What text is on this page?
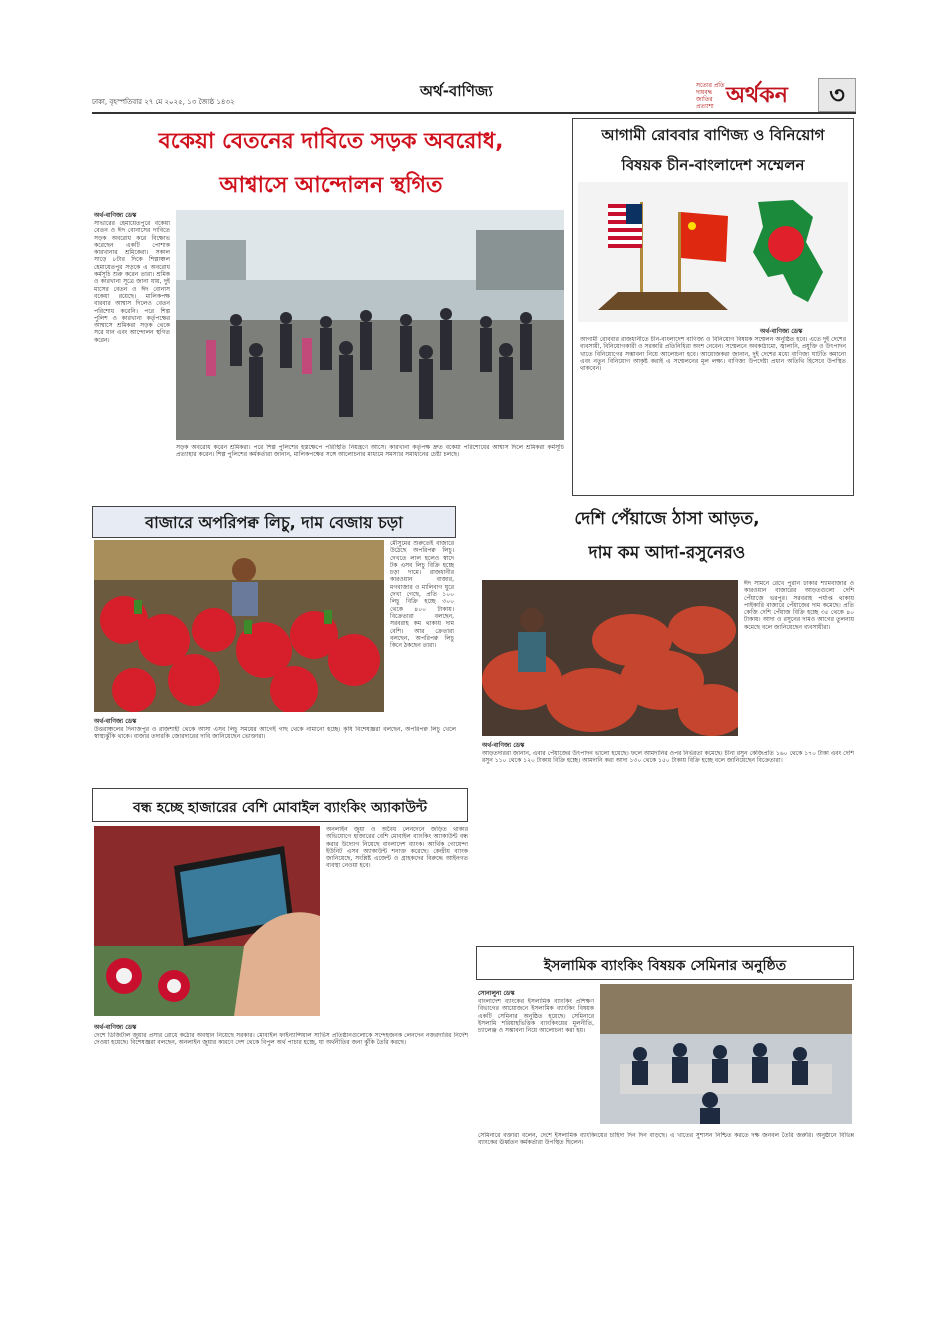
ঢাকা, বৃহস্পতিবার ২৭ মে ২০২৫, ১৩ জ্যৈষ্ঠ ১৪৩২
অর্থ-বাণিজ্য	সত্যের প্রতি দায়বদ্ধ জাতির প্রত্যাশা অর্থকন	৩
বকেয়া বেতনের দাবিতে সড়ক অবরোধ,
আশ্বাসে আন্দোলন স্থগিত
অর্থ-বাণিজ্য ডেস্ক
সাভারের হেমায়েতপুরে বকেয়া বেতন ও ঈদ বোনাসের দাবিতে সড়ক অবরোধ করে বিক্ষোভ করেছেন একটি পোশাক কারখানার শ্রমিকেরা। সকাল সাড়ে ৮টার দিকে শিল্পাঞ্চল হেমায়েতপুর সড়কে এ অবরোধ কর্মসূচি শুরু করেন তারা। শ্রমিক ও কারখানা সূত্রে জানা যায়, দুই মাসের বেতন ও ঈদ বোনাস বকেয়া রয়েছে। মালিকপক্ষ বারবার আশ্বাস দিলেও বেতন পরিশোধ করেনি। পরে শিল্প পুলিশ ও কারখানা কর্তৃপক্ষের আশ্বাসে শ্রমিকরা সড়ক থেকে সরে যান এবং আন্দোলন স্থগিত করেন।
সড়ক অবরোধ করেন শ্রমিকরা। পরে শিল্প পুলিশের হস্তক্ষেপে পরিস্থিতি নিয়ন্ত্রণে আসে। কারখানা কর্তৃপক্ষ দ্রুত বকেয়া পরিশোধের আশ্বাস দিলে শ্রমিকরা কর্মসূচি প্রত্যাহার করেন। শিল্প পুলিশের কর্মকর্তারা জানান, মালিকপক্ষের সঙ্গে আলোচনার মাধ্যমে সমস্যার সমাধানের চেষ্টা চলছে।
আগামী রোববার বাণিজ্য ও বিনিয়োগ
বিষয়ক চীন-বাংলাদেশ সম্মেলন
অর্থ-বাণিজ্য ডেস্ক
আগামী রোববার রাজধানীতে চীন-বাংলাদেশ বাণিজ্য ও বিনিয়োগ বিষয়ক সম্মেলন অনুষ্ঠিত হবে। এতে দুই দেশের ব্যবসায়ী, বিনিয়োগকারী ও সরকারি প্রতিনিধিরা অংশ নেবেন। সম্মেলনে অবকাঠামো, জ্বালানি, প্রযুক্তি ও উৎপাদন খাতে বিনিয়োগের সম্ভাবনা নিয়ে আলোচনা হবে। আয়োজকরা জানান, দুই দেশের মধ্যে বাণিজ্য ঘাটতি কমানো এবং নতুন বিনিয়োগ আকৃষ্ট করাই এ সম্মেলনের মূল লক্ষ্য। বাণিজ্য উপদেষ্টা প্রধান অতিথি হিসেবে উপস্থিত থাকবেন।
বাজারে অপরিপক্ব লিচু, দাম বেজায় চড়া
অর্থ-বাণিজ্য ডেস্ক
মৌসুমের শুরুতেই বাজারে উঠেছে অপরিপক্ব লিচু। দেখতে লাল হলেও স্বাদে টক এসব লিচু বিক্রি হচ্ছে চড়া দামে। রাজধানীর কারওয়ান বাজার, মগবাজার ও মালিবাগ ঘুরে দেখা গেছে, প্রতি ১০০ লিচু বিক্রি হচ্ছে ৩০০ থেকে ৪০০ টাকায়। বিক্রেতারা বলছেন, সরবরাহ কম থাকায় দাম বেশি। আর ক্রেতারা বলছেন, অপরিপক্ব লিচু কিনে ঠকছেন তারা।
উত্তরাঞ্চলের দিনাজপুর ও রাজশাহী থেকে আসা এসব লিচু সময়ের আগেই গাছ থেকে নামানো হচ্ছে। কৃষি বিশেষজ্ঞরা বলছেন, অপরিপক্ব লিচু খেলে স্বাস্থ্যঝুঁকি থাকে। বাজার তদারকি জোরদারের দাবি জানিয়েছেন ভোক্তারা।
দেশি পেঁয়াজে ঠাসা আড়ত,
দাম কম আদা-রসুনেরও
অর্থ-বাণিজ্য ডেস্ক
ঈদ সামনে রেখে পুরান ঢাকার শ্যামবাজার ও কারওয়ান বাজারের আড়তগুলো দেশি পেঁয়াজে ভরপুর। সরবরাহ পর্যাপ্ত থাকায় পাইকারি বাজারে পেঁয়াজের দাম কমেছে। প্রতি কেজি দেশি পেঁয়াজ বিক্রি হচ্ছে ৩৫ থেকে ৪০ টাকায়। আদা ও রসুনের দামও আগের তুলনায় কমেছে বলে জানিয়েছেন ব্যবসায়ীরা।
আড়তদাররা জানান, এবার পেঁয়াজের উৎপাদন ভালো হয়েছে। ফলে আমদানির ওপর নির্ভরতা কমেছে। চীনা রসুন কেজিপ্রতি ১৬০ থেকে ১৭০ টাকা এবং দেশি রসুন ১১০ থেকে ১২০ টাকায় বিক্রি হচ্ছে। আমদানি করা আদা ১৩০ থেকে ১৫০ টাকায় বিক্রি হচ্ছে বলে জানিয়েছেন বিক্রেতারা।
বন্ধ হচ্ছে হাজারের বেশি মোবাইল ব্যাংকিং অ্যাকাউন্ট
অনলাইন জুয়া ও অবৈধ লেনদেনে জড়িত থাকার অভিযোগে হাজারের বেশি মোবাইল ব্যাংকিং অ্যাকাউন্ট বন্ধ করার উদ্যোগ নিয়েছে বাংলাদেশ ব্যাংক। আর্থিক গোয়েন্দা ইউনিট এসব অ্যাকাউন্ট শনাক্ত করেছে। কেন্দ্রীয় ব্যাংক জানিয়েছে, সংশ্লিষ্ট এজেন্ট ও গ্রাহকদের বিরুদ্ধে আইনগত ব্যবস্থা নেওয়া হবে।
অর্থ-বাণিজ্য ডেস্ক
দেশে ডিজিটাল জুয়ার প্রসার রোধে কঠোর অবস্থান নিয়েছে সরকার। মোবাইল ফাইন্যান্সিয়াল সার্ভিস প্রতিষ্ঠানগুলোকে সন্দেহজনক লেনদেন নজরদারির নির্দেশ দেওয়া হয়েছে। বিশেষজ্ঞরা বলছেন, অনলাইন জুয়ার কারণে দেশ থেকে বিপুল অর্থ পাচার হচ্ছে, যা অর্থনীতির জন্য ঝুঁকি তৈরি করছে।
ইসলামিক ব্যাংকিং বিষয়ক সেমিনার অনুষ্ঠিত
সোনালুনা ডেস্ক
বাংলাদেশ ব্যাংকের ইসলামিক ব্যাংকিং প্রশিক্ষণ বিভাগের আয়োজনে ইসলামিক ব্যাংকিং বিষয়ক একটি সেমিনার অনুষ্ঠিত হয়েছে। সেমিনারে ইসলামি শরিয়াহভিত্তিক ব্যাংকিংয়ের মূলনীতি, চ্যালেঞ্জ ও সম্ভাবনা নিয়ে আলোচনা করা হয়।
সেমিনারে বক্তারা বলেন, দেশে ইসলামিক ব্যাংকিংয়ের চাহিদা দিন দিন বাড়ছে। এ খাতের সুশাসন নিশ্চিত করতে দক্ষ জনবল তৈরি জরুরি। অনুষ্ঠানে বিভিন্ন ব্যাংকের ঊর্ধ্বতন কর্মকর্তারা উপস্থিত ছিলেন।
